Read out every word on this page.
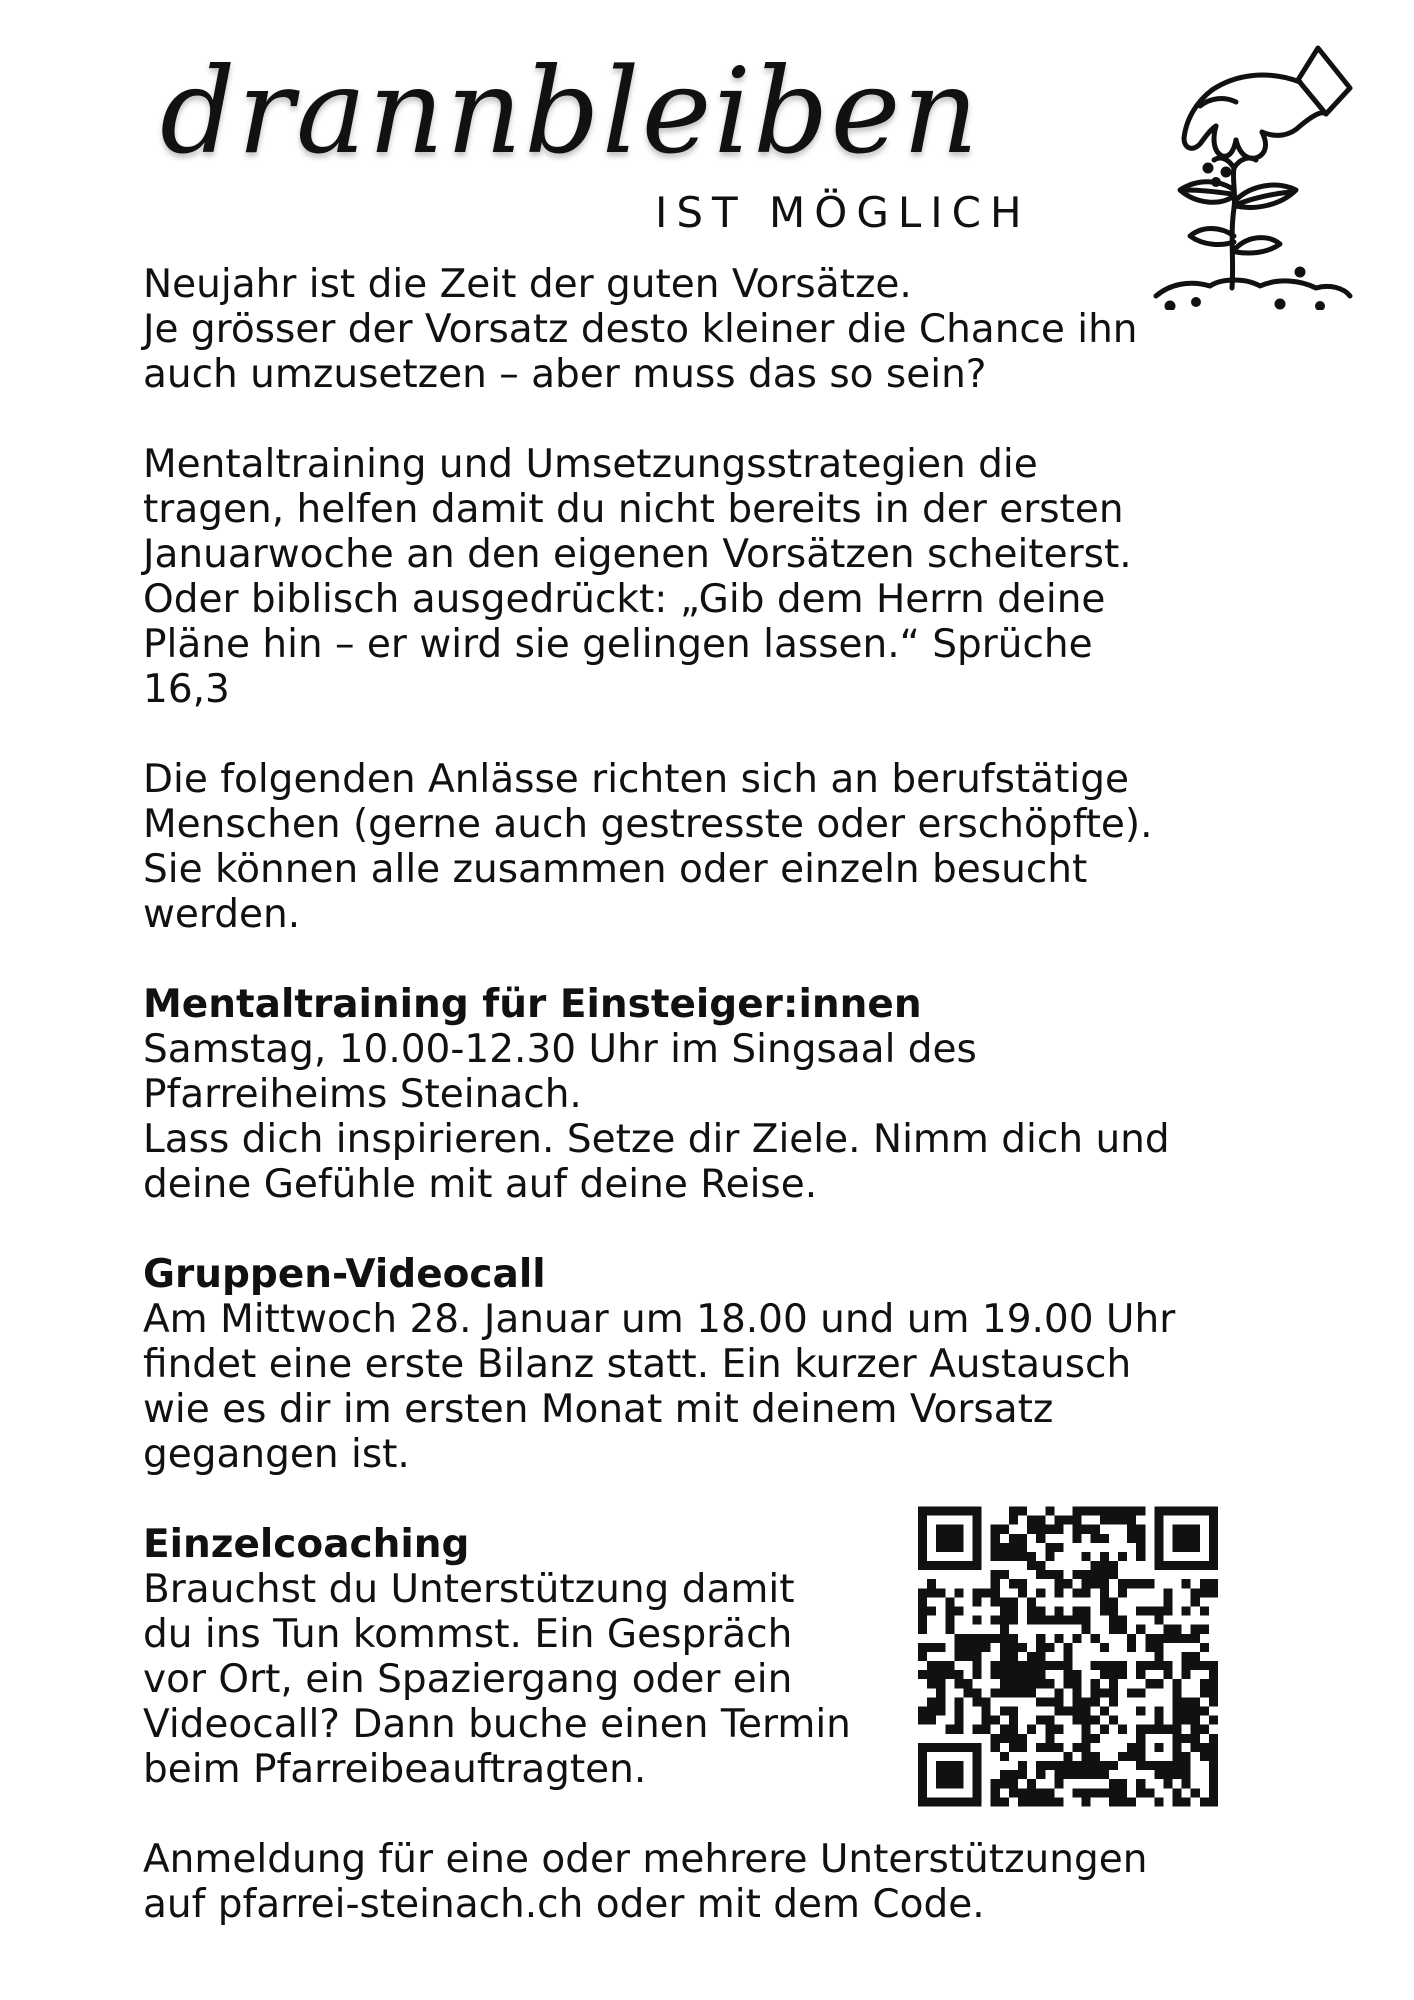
drannbleiben
IST MÖGLICH

Neujahr ist die Zeit der guten Vorsätze.

Je grösser der Vorsatz desto kleiner die Chance ihn

auch umzusetzen – aber muss das so sein?

Mentaltraining und Umsetzungsstrategien die

tragen, helfen damit du nicht bereits in der ersten

Januarwoche an den eigenen Vorsätzen scheiterst.

Oder biblisch ausgedrückt: „Gib dem Herrn deine

Pläne hin – er wird sie gelingen lassen.“ Sprüche

16,3

Die folgenden Anlässe richten sich an berufstätige

Menschen (gerne auch gestresste oder erschöpfte).

Sie können alle zusammen oder einzeln besucht

werden.

Mentaltraining für Einsteiger:innen

Samstag, 10.00-12.30 Uhr im Singsaal des

Pfarreiheims Steinach.

Lass dich inspirieren. Setze dir Ziele. Nimm dich und

deine Gefühle mit auf deine Reise.

Gruppen-Videocall

Am Mittwoch 28. Januar um 18.00 und um 19.00 Uhr

findet eine erste Bilanz statt. Ein kurzer Austausch

wie es dir im ersten Monat mit deinem Vorsatz

gegangen ist.

Einzelcoaching

Brauchst du Unterstützung damit

du ins Tun kommst. Ein Gespräch

vor Ort, ein Spaziergang oder ein

Videocall? Dann buche einen Termin

beim Pfarreibeauftragten.

Anmeldung für eine oder mehrere Unterstützungen

auf pfarrei-steinach.ch oder mit dem Code.
